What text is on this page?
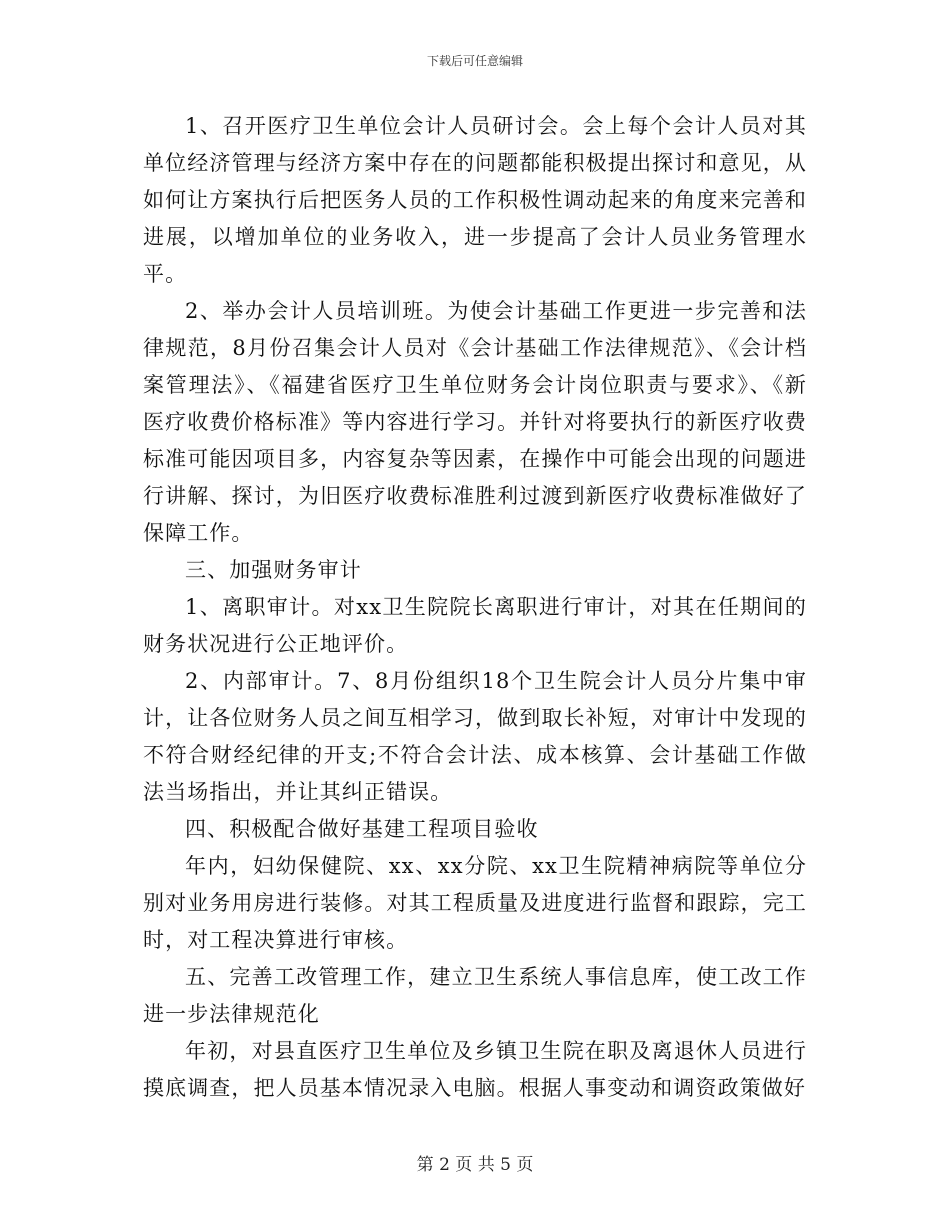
下载后可任意编辑

1、召开医疗卫生单位会计人员研讨会。会上每个会计人员对其单位经济管理与经济方案中存在的问题都能积极提出探讨和意见，从如何让方案执行后把医务人员的工作积极性调动起来的角度来完善和进展，以增加单位的业务收入，进一步提高了会计人员业务管理水平。

2、举办会计人员培训班。为使会计基础工作更进一步完善和法律规范，8月份召集会计人员对《会计基础工作法律规范》、《会计档案管理法》、《福建省医疗卫生单位财务会计岗位职责与要求》、《新医疗收费价格标准》等内容进行学习。并针对将要执行的新医疗收费标准可能因项目多，内容复杂等因素，在操作中可能会出现的问题进行讲解、探讨，为旧医疗收费标准胜利过渡到新医疗收费标准做好了保障工作。

三、加强财务审计

1、离职审计。对xx卫生院院长离职进行审计，对其在任期间的财务状况进行公正地评价。

2、内部审计。7、8月份组织18个卫生院会计人员分片集中审计，让各位财务人员之间互相学习，做到取长补短，对审计中发现的不符合财经纪律的开支;不符合会计法、成本核算、会计基础工作做法当场指出，并让其纠正错误。

四、积极配合做好基建工程项目验收

年内，妇幼保健院、xx、xx分院、xx卫生院精神病院等单位分别对业务用房进行装修。对其工程质量及进度进行监督和跟踪，完工时，对工程决算进行审核。

五、完善工改管理工作，建立卫生系统人事信息库，使工改工作进一步法律规范化

年初，对县直医疗卫生单位及乡镇卫生院在职及离退休人员进行摸底调查，把人员基本情况录入电脑。根据人事变动和调资政策做好

第 2 页 共 5 页
